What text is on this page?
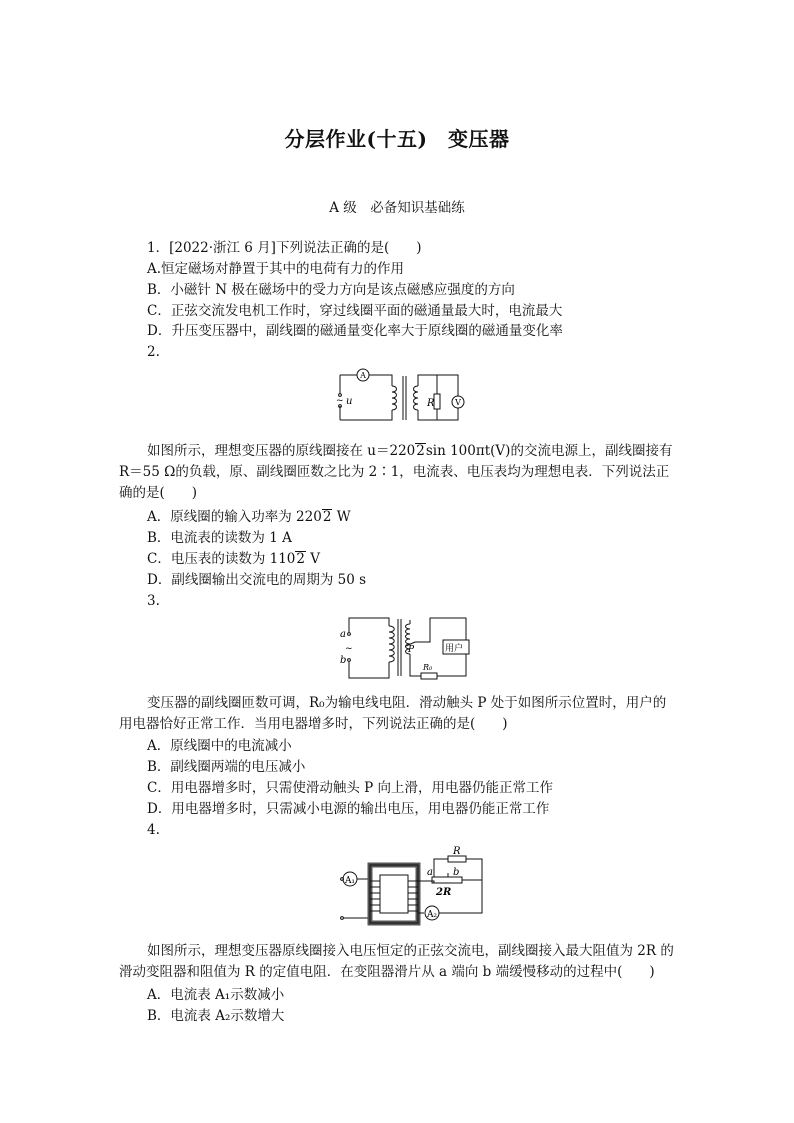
分层作业(十五)　变压器
A 级　必备知识基础练
1．[2022·浙江 6 月]下列说法正确的是(　　)
A.恒定磁场对静置于其中的电荷有力的作用
B．小磁针 N 极在磁场中的受力方向是该点磁感应强度的方向
C．正弦交流发电机工作时，穿过线圈平面的磁通量最大时，电流最大
D．升压变压器中，副线圈的磁通量变化率大于原线圈的磁通量变化率
2.
A
V
R
u
~
如图所示，理想变压器的原线圈接在 u＝2202sin 100πt(V)的交流电源上，副线圈接有 R＝55 Ω的负载，原、副线圈匝数之比为 2∶1，电流表、电压表均为理想电表．下列说法正确的是(　　)
A．原线圈的输入功率为 2202 W
B．电流表的读数为 1 A
C．电压表的读数为 1102 V
D．副线圈输出交流电的周期为 50 s
3.
a
b
~	P	用户
R₀
变压器的副线圈匝数可调，R₀为输电线电阻．滑动触头 P 处于如图所示位置时，用户的用电器恰好正常工作．当用电器增多时，下列说法正确的是(　　)
A．原线圈中的电流减小
B．副线圈两端的电压减小
C．用电器增多时，只需使滑动触头 P 向上滑，用电器仍能正常工作
D．用电器增多时，只需减小电源的输出电压，用电器仍能正常工作
4.
A₁
A₂
R
2R
a b
如图所示，理想变压器原线圈接入电压恒定的正弦交流电，副线圈接入最大阻值为 2R 的滑动变阻器和阻值为 R 的定值电阻．在变阻器滑片从 a 端向 b 端缓慢移动的过程中(　　)
A．电流表 A₁示数减小
B．电流表 A₂示数增大
